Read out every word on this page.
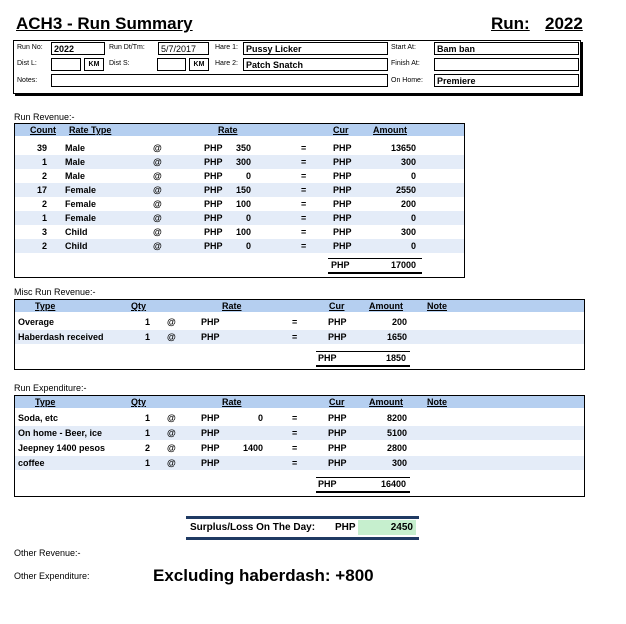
ACH3 - Run Summary	Run: 2022
Run No:	2022	Run Dt/Tm:	5/7/2017	Hare 1: Pussy Licker	Start At:	Bam ban
Dist L:	KM	Dist S:	KM	Hare 2: Patch Snatch	Finish At:
Notes:	On Home:	Premiere
Run Revenue:-
Count Rate Type	Rate	Cur	Amount
39 Male	@	PHP	350	=	PHP	13650
1 Male	@	PHP	300	=	PHP	300
2 Male	@	PHP	0	=	PHP	0
17 Female	@	PHP	150	=	PHP	2550
2 Female	@	PHP	100	=	PHP	200
1 Female	@	PHP	0	=	PHP	0
3 Child	@	PHP	100	=	PHP	300
2 Child	@	PHP	0	=	PHP	0
PHP	17000
Misc Run Revenue:-
Type	Qty	Rate	Cur	Amount	Note
Overage	1 @	PHP	=	PHP	200
Haberdash received	1 @	PHP	=	PHP	1650
PHP	1850
Run Expenditure:-
Type	Qty	Rate	Cur	Amount	Note
Soda, etc	1 @	PHP	0	=	PHP	8200
On home - Beer, ice	1 @	PHP	=	PHP	5100
Jeepney 1400 pesos	2 @	PHP	1400	=	PHP	2800
coffee	1 @	PHP	=	PHP	300
PHP	16400
Surplus/Loss On The Day: PHP	2450
Other Revenue:-
Other Expenditure:	Excluding haberdash: +800
